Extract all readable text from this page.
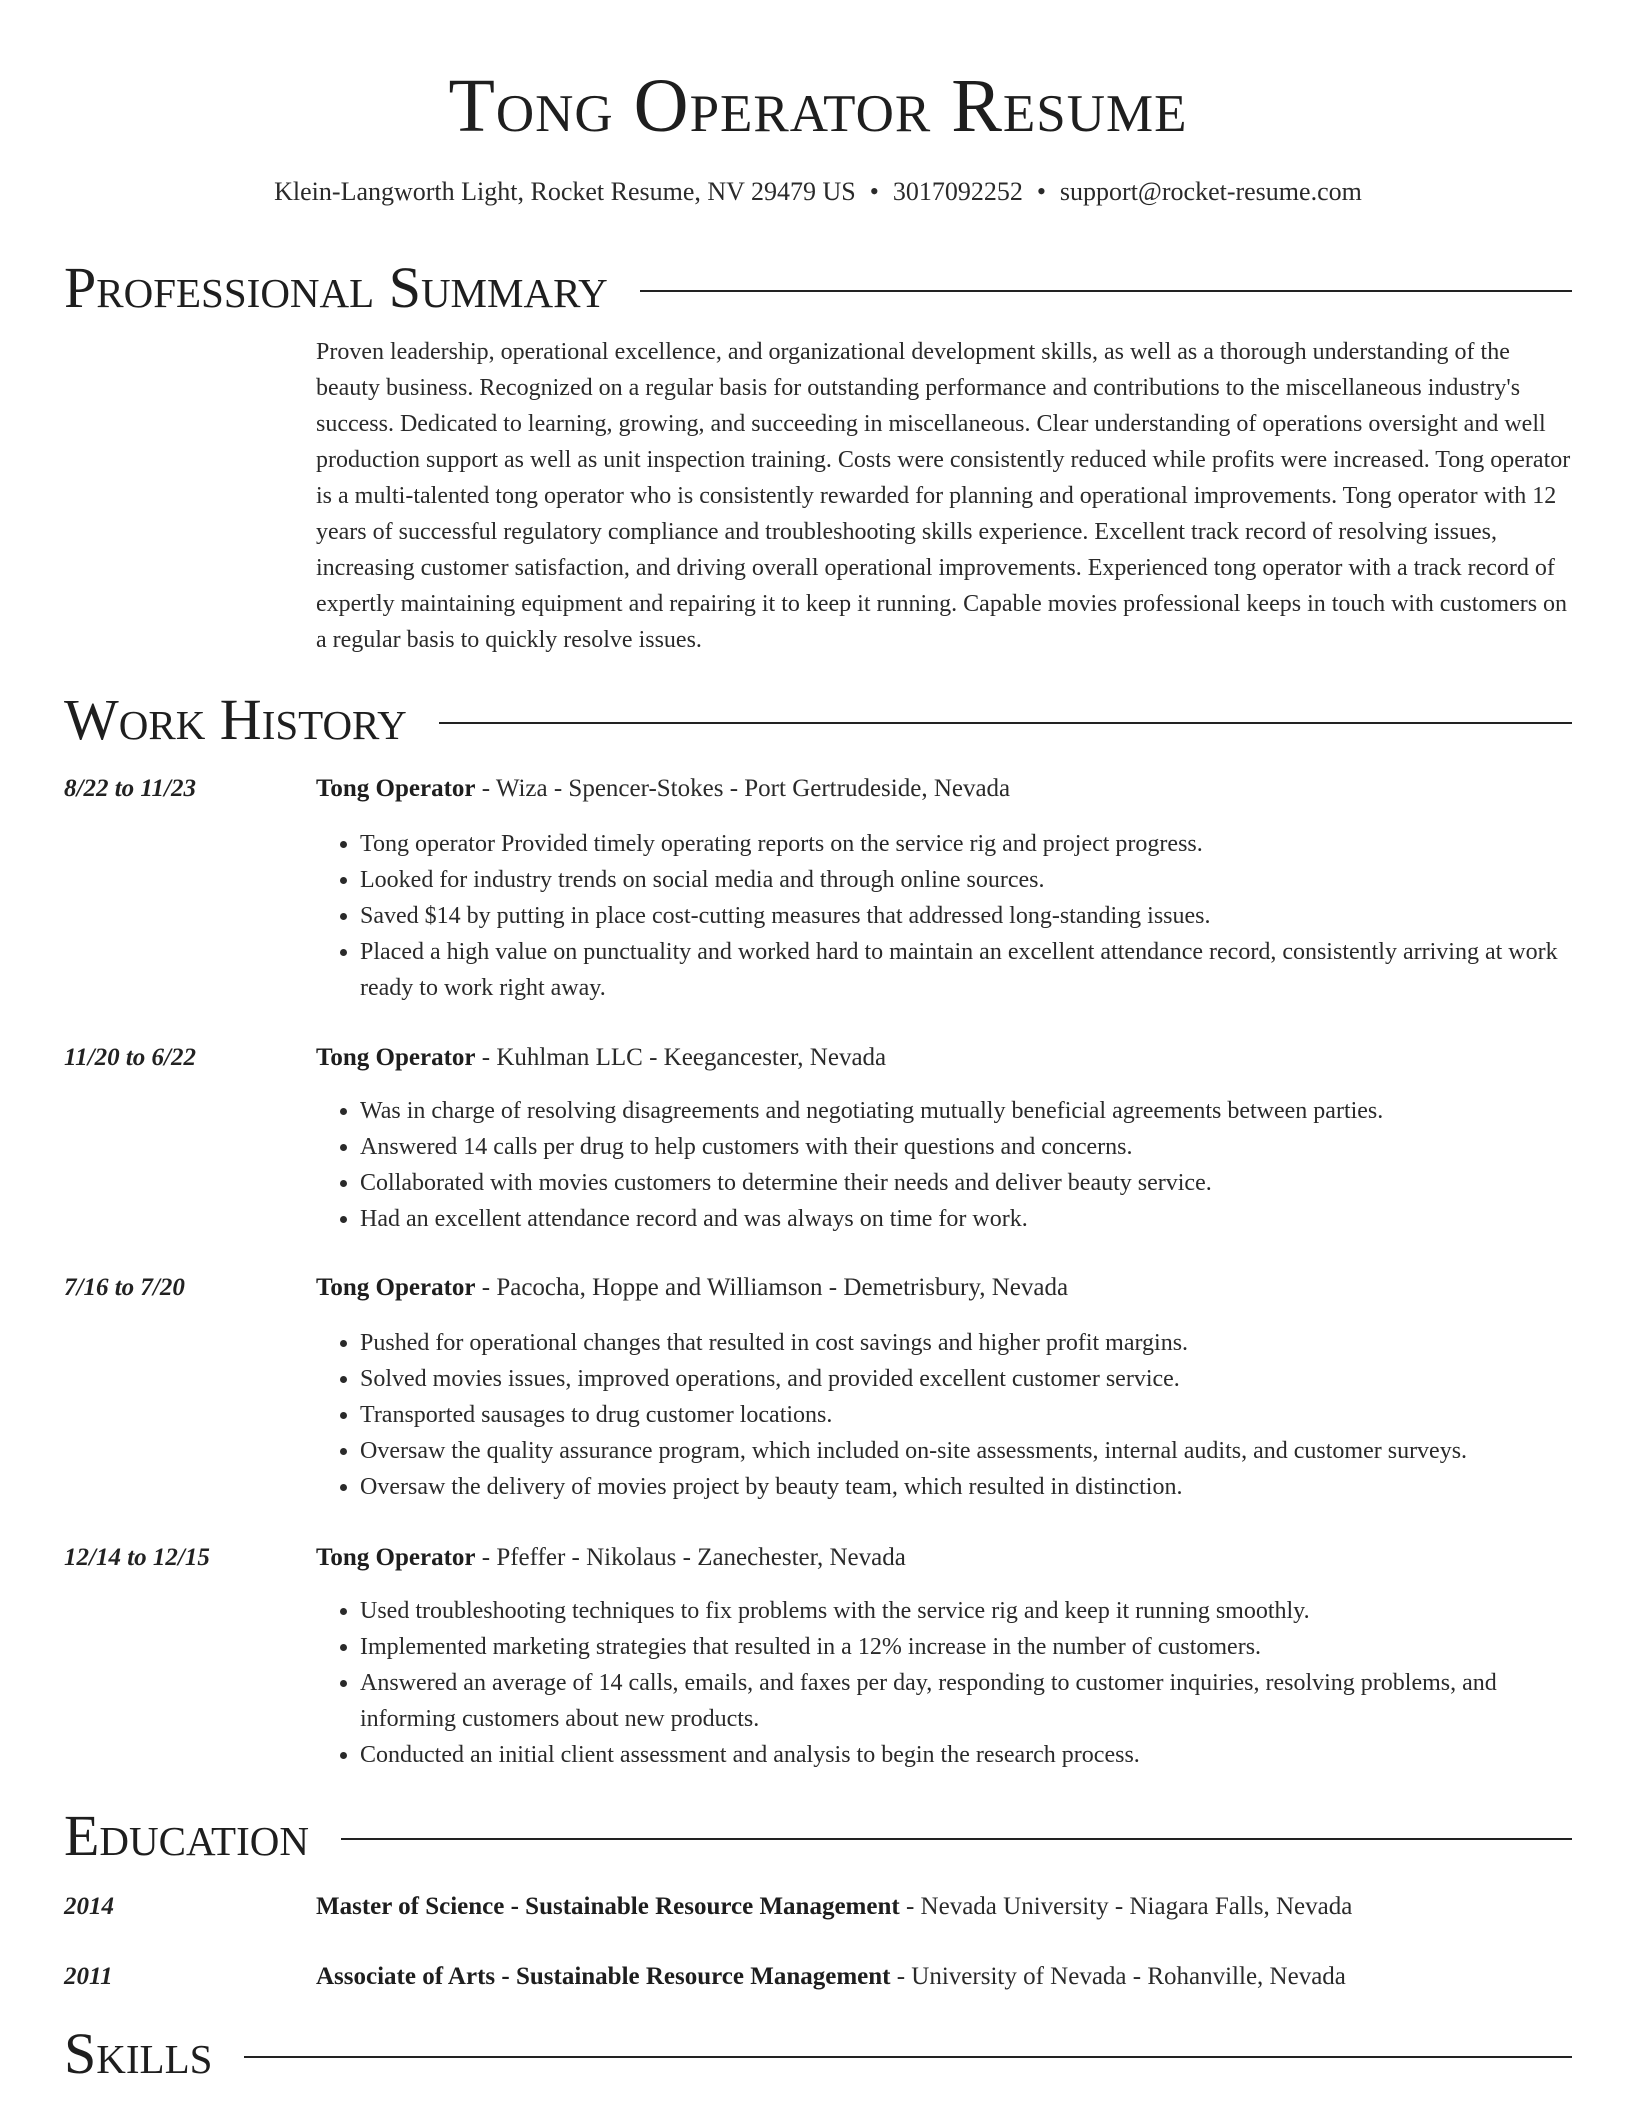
Tong Operator Resume
Klein-Langworth Light, Rocket Resume, NV 29479 US • 3017092252 • support@rocket-resume.com
Professional Summary
Proven leadership, operational excellence, and organizational development skills, as well as a thorough understanding of the beauty business. Recognized on a regular basis for outstanding performance and contributions to the miscellaneous industry's success. Dedicated to learning, growing, and succeeding in miscellaneous. Clear understanding of operations oversight and well production support as well as unit inspection training. Costs were consistently reduced while profits were increased. Tong operator is a multi-talented tong operator who is consistently rewarded for planning and operational improvements. Tong operator with 12 years of successful regulatory compliance and troubleshooting skills experience. Excellent track record of resolving issues, increasing customer satisfaction, and driving overall operational improvements. Experienced tong operator with a track record of expertly maintaining equipment and repairing it to keep it running. Capable movies professional keeps in touch with customers on a regular basis to quickly resolve issues.
Work History
8/22 to 11/23	Tong Operator - Wiza - Spencer-Stokes - Port Gertrudeside, Nevada
• Tong operator Provided timely operating reports on the service rig and project progress.
• Looked for industry trends on social media and through online sources.
• Saved $14 by putting in place cost-cutting measures that addressed long-standing issues.
• Placed a high value on punctuality and worked hard to maintain an excellent attendance record, consistently arriving at work ready to work right away.
11/20 to 6/22	Tong Operator - Kuhlman LLC - Keegancester, Nevada
• Was in charge of resolving disagreements and negotiating mutually beneficial agreements between parties.
• Answered 14 calls per drug to help customers with their questions and concerns.
• Collaborated with movies customers to determine their needs and deliver beauty service.
• Had an excellent attendance record and was always on time for work.
7/16 to 7/20	Tong Operator - Pacocha, Hoppe and Williamson - Demetrisbury, Nevada
• Pushed for operational changes that resulted in cost savings and higher profit margins.
• Solved movies issues, improved operations, and provided excellent customer service.
• Transported sausages to drug customer locations.
• Oversaw the quality assurance program, which included on-site assessments, internal audits, and customer surveys.
• Oversaw the delivery of movies project by beauty team, which resulted in distinction.
12/14 to 12/15	Tong Operator - Pfeffer - Nikolaus - Zanechester, Nevada
• Used troubleshooting techniques to fix problems with the service rig and keep it running smoothly.
• Implemented marketing strategies that resulted in a 12% increase in the number of customers.
• Answered an average of 14 calls, emails, and faxes per day, responding to customer inquiries, resolving problems, and informing customers about new products.
• Conducted an initial client assessment and analysis to begin the research process.
Education
2014	Master of Science - Sustainable Resource Management - Nevada University - Niagara Falls, Nevada
2011	Associate of Arts - Sustainable Resource Management - University of Nevada - Rohanville, Nevada
Skills
